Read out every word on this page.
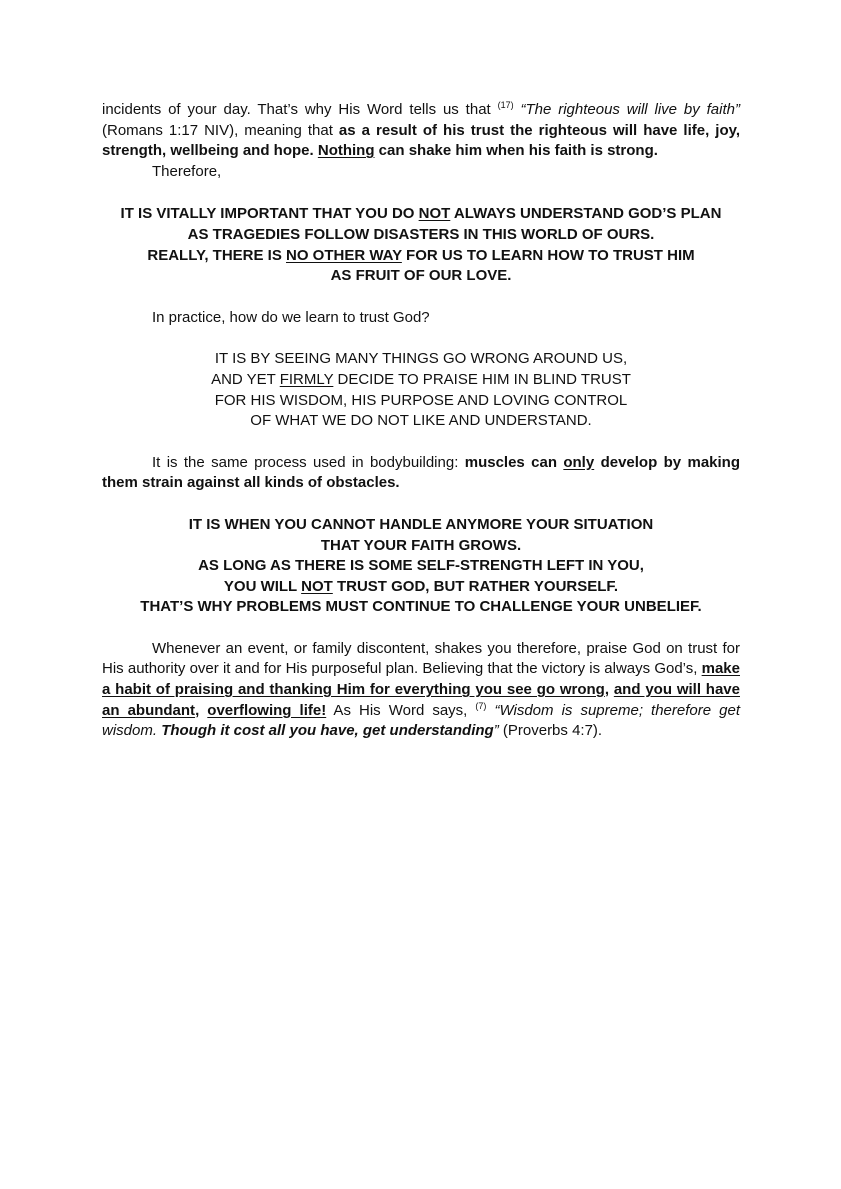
incidents of your day. That’s why His Word tells us that $^{(17)}$ “The righteous will live by faith” (Romans 1:17 NIV), meaning that as a result of his trust the righteous will have life, joy, strength, wellbeing and hope. Nothing can shake him when his faith is strong.

Therefore,

IT IS VITALLY IMPORTANT THAT YOU DO NOT ALWAYS UNDERSTAND GOD’S PLAN

AS TRAGEDIES FOLLOW DISASTERS IN THIS WORLD OF OURS.

REALLY, THERE IS NO OTHER WAY FOR US TO LEARN HOW TO TRUST HIM

AS FRUIT OF OUR LOVE.

In practice, how do we learn to trust God?

IT IS BY SEEING MANY THINGS GO WRONG AROUND US,

AND YET FIRMLY DECIDE TO PRAISE HIM IN BLIND TRUST

FOR HIS WISDOM, HIS PURPOSE AND LOVING CONTROL

OF WHAT WE DO NOT LIKE AND UNDERSTAND.

It is the same process used in bodybuilding: muscles can only develop by making them strain against all kinds of obstacles.

IT IS WHEN YOU CANNOT HANDLE ANYMORE YOUR SITUATION

THAT YOUR FAITH GROWS.

AS LONG AS THERE IS SOME SELF-STRENGTH LEFT IN YOU,

YOU WILL NOT TRUST GOD, BUT RATHER YOURSELF.

THAT’S WHY PROBLEMS MUST CONTINUE TO CHALLENGE YOUR UNBELIEF.

Whenever an event, or family discontent, shakes you therefore, praise God on trust for His authority over it and for His purposeful plan. Believing that the victory is always God’s, make a habit of praising and thanking Him for everything you see go wrong, and you will have an abundant, overflowing life! As His Word says, $^{(7)}$ “Wisdom is supreme; therefore get wisdom. Though it cost all you have, get understanding” (Proverbs 4:7).
